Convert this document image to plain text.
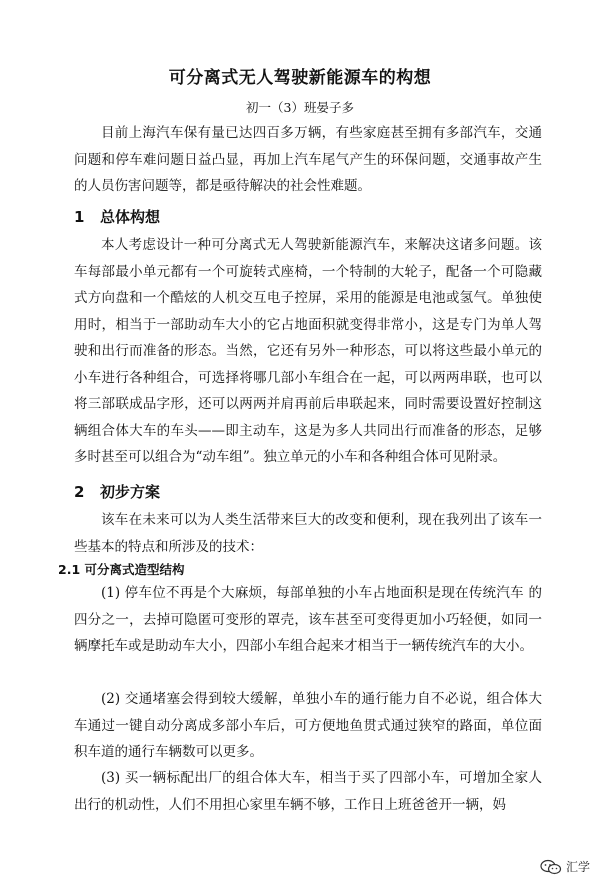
可分离式无人驾驶新能源车的构想
初一（3）班晏子多

目前上海汽车保有量已达四百多万辆，有些家庭甚至拥有多部汽车，交通问题和停车难问题日益凸显，再加上汽车尾气产生的环保问题，交通事故产生的人员伤害问题等，都是亟待解决的社会性难题。

1 总体构想

本人考虑设计一种可分离式无人驾驶新能源汽车，来解决这诸多问题。该车每部最小单元都有一个可旋转式座椅，一个特制的大轮子，配备一个可隐藏式方向盘和一个酷炫的人机交互电子控屏，采用的能源是电池或氢气。单独使用时，相当于一部助动车大小的它占地面积就变得非常小，这是专门为单人驾驶和出行而准备的形态。当然，它还有另外一种形态，可以将这些最小单元的小车进行各种组合，可选择将哪几部小车组合在一起，可以两两串联，也可以将三部联成品字形，还可以两两并肩再前后串联起来，同时需要设置好控制这辆组合体大车的车头——即主动车，这是为多人共同出行而准备的形态，足够多时甚至可以组合为“动车组”。独立单元的小车和各种组合体可见附录。

2 初步方案

该车在未来可以为人类生活带来巨大的改变和便利，现在我列出了该车一些基本的特点和所涉及的技术：

2.1 可分离式造型结构

(1) 停车位不再是个大麻烦，每部单独的小车占地面积是现在传统汽车 的四分之一，去掉可隐匿可变形的罩壳，该车甚至可变得更加小巧轻便，如同一辆摩托车或是助动车大小，四部小车组合起来才相当于一辆传统汽车的大小。

(2) 交通堵塞会得到较大缓解，单独小车的通行能力自不必说，组合体大车通过一键自动分离成多部小车后，可方便地鱼贯式通过狭窄的路面，单位面积车道的通行车辆数可以更多。

(3) 买一辆标配出厂的组合体大车，相当于买了四部小车，可增加全家人出行的机动性，人们不用担心家里车辆不够，工作日上班爸爸开一辆，妈

汇学
